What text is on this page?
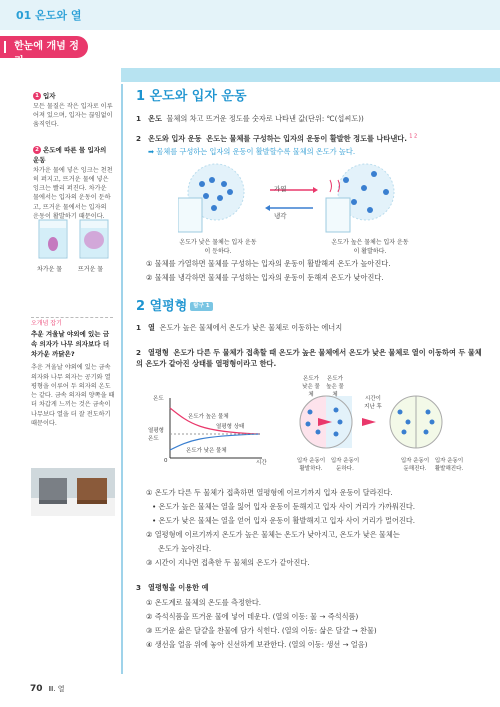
01 온도와 열
한눈에 개념 정리
1 입자
모든 물질은 작은 입자로 이루어져 있으며, 입자는 끊임없이 움직인다.
2 온도에 따른 물 입자의 운동
차가운 물에 넣은 잉크는 천천히 퍼지고, 뜨거운 물에 넣은 잉크는 빨리 퍼진다. 차가운 물에서는 입자의 운동이 둔하고, 뜨거운 물에서는 입자의 운동이 활발하기 때문이다.
차가운 물	뜨거운 물
오개념 잡기
추운 겨울날 야외에 있는 금속 의자가 나무 의자보다 더 차가운 까닭은?
추운 겨울날 야외에 있는 금속 의자와 나무 의자는 공기와 열평형을 이루어 두 의자의 온도는 같다. 금속 의자의 양쪽을 때 더 차갑게 느끼는 것은 금속이 나무보다 열을 더 잘 전도하기 때문이다.
1 온도와 입자 운동
1 온도 물체의 차고 뜨거운 정도를 숫자로 나타낸 값(단위: ℃(섭씨도))
2 온도와 입자 운동 온도는 물체를 구성하는 입자의 운동이 활발한 정도를 나타낸다. $^{1 2}$
➡ 물체를 구성하는 입자의 운동이 활발할수록 물체의 온도가 높다.
가열
냉각
온도가 낮은 물체는 입자 운동이 둔하다.
온도가 높은 물체는 입자 운동이 활발하다.
① 물체를 가열하면 물체를 구성하는 입자의 운동이 활발해져 온도가 높아진다.
② 물체를 냉각하면 물체를 구성하는 입자의 운동이 둔해져 온도가 낮아진다.
2 열평형 탐구 1
1 열 온도가 높은 물체에서 온도가 낮은 물체로 이동하는 에너지
2 열평형 온도가 다른 두 물체가 접촉할 때 온도가 높은 물체에서 온도가 낮은 물체로 열이 이동하여 두 물체의 온도가 같아진 상태를 열평형이라고 한다.
온도
온도가 높은 물체
열평형 상태
열평형 온도
온도가 낮은 물체
0	시간
온도가 낮은 물체
온도가 높은 물체
시간이 지난 후
입자 운동이 활발하다.
입자 운동이 둔하다.
입자 운동이 둔해진다.
입자 운동이 활발해진다.
① 온도가 다른 두 물체가 접촉하면 열평형에 이르기까지 입자 운동이 달라진다.
• 온도가 높은 물체는 열을 잃어 입자 운동이 둔해지고 입자 사이 거리가 가까워진다.
• 온도가 낮은 물체는 열을 얻어 입자 운동이 활발해지고 입자 사이 거리가 멀어진다.
② 열평형에 이르기까지 온도가 높은 물체는 온도가 낮아지고, 온도가 낮은 물체는
온도가 높아진다.
③ 시간이 지나면 접촉한 두 물체의 온도가 같아진다.
3 열평형을 이용한 예
① 온도계로 물체의 온도를 측정한다.
② 즉석식품을 뜨거운 물에 넣어 데운다. (열의 이동: 물 → 즉석식품)
③ 뜨거운 삶은 달걀을 찬물에 담가 식힌다. (열의 이동: 삶은 달걀 → 찬물)
④ 생선을 얼음 위에 놓아 신선하게 보관한다. (열의 이동: 생선 → 얼음)
70 Ⅲ. 열
